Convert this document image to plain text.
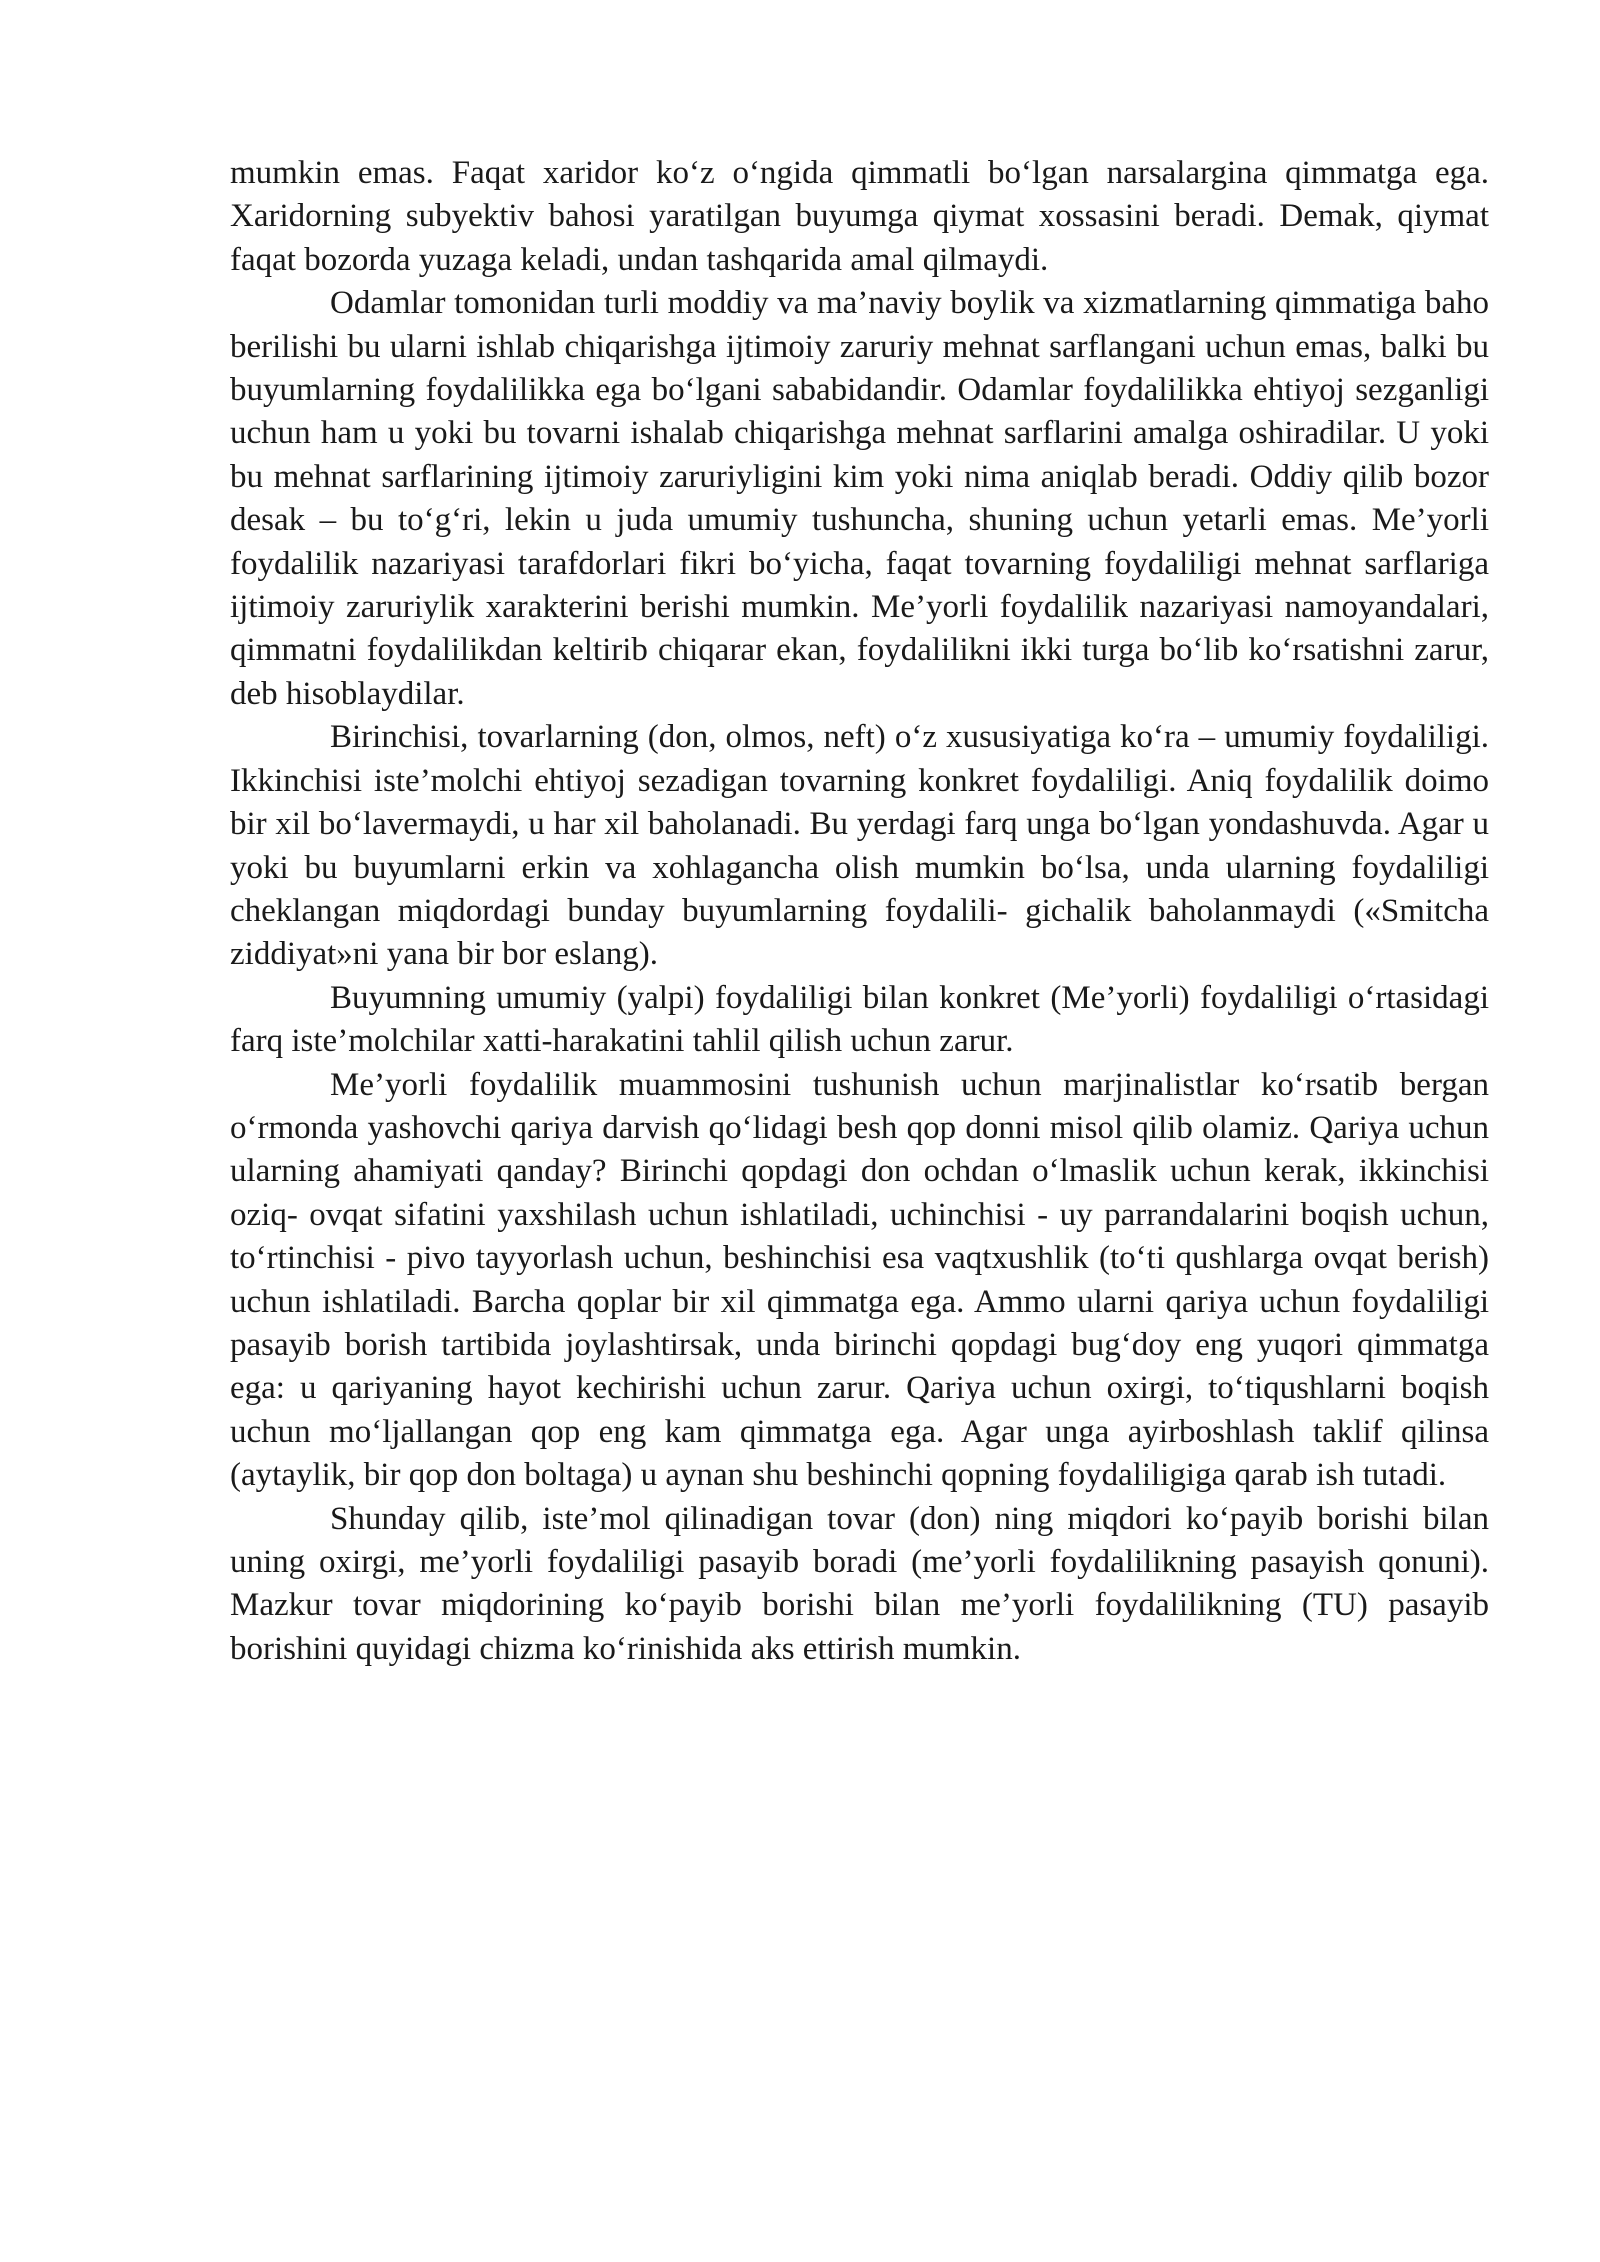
mumkin emas. Faqat xaridor ko‘z o‘ngida qimmatli bo‘lgan narsalargina qimmatga ega. Xaridorning subyektiv bahosi yaratilgan buyumga qiymat xossasini beradi. Demak, qiymat faqat bozorda yuzaga keladi, undan tashqarida amal qilmaydi.

Odamlar tomonidan turli moddiy va ma’naviy boylik va xizmatlarning qimmatiga baho berilishi bu ularni ishlab chiqarishga ijtimoiy zaruriy mehnat sarflangani uchun emas, balki bu buyumlarning foydalilikka ega bo‘lgani sababidandir. Odamlar foydalilikka ehtiyoj sezganligi uchun ham u yoki bu tovarni ishalab chiqarishga mehnat sarflarini amalga oshiradilar. U yoki bu mehnat sarflarining ijtimoiy zaruriyligini kim yoki nima aniqlab beradi. Oddiy qilib bozor desak – bu to‘g‘ri, lekin u juda umumiy tushuncha, shuning uchun yetarli emas. Me’yorli foydalilik nazariyasi tarafdorlari fikri bo‘yicha, faqat tovarning foydaliligi mehnat sarflariga ijtimoiy zaruriylik xarakterini berishi mumkin. Me’yorli foydalilik nazariyasi namoyandalari, qimmatni foydalilikdan keltirib chiqarar ekan, foydalilikni ikki turga bo‘lib ko‘rsatishni zarur, deb hisoblaydilar.

Birinchisi, tovarlarning (don, olmos, neft) o‘z xususiyatiga ko‘ra – umumiy foydaliligi. Ikkinchisi iste’molchi ehtiyoj sezadigan tovarning konkret foydaliligi. Aniq foydalilik doimo bir xil bo‘lavermaydi, u har xil baholanadi. Bu yerdagi farq unga bo‘lgan yondashuvda. Agar u yoki bu buyumlarni erkin va xohlagancha olish mumkin bo‘lsa, unda ularning foydaliligi cheklangan miqdordagi bunday buyumlarning foydalili- gichalik baholanmaydi («Smitcha ziddiyat»ni yana bir bor eslang).

Buyumning umumiy (yalpi) foydaliligi bilan konkret (Me’yorli) foydaliligi o‘rtasidagi farq iste’molchilar xatti-harakatini tahlil qilish uchun zarur.

Me’yorli foydalilik muammosini tushunish uchun marjinalistlar ko‘rsatib bergan o‘rmonda yashovchi qariya darvish qo‘lidagi besh qop donni misol qilib olamiz. Qariya uchun ularning ahamiyati qanday? Birinchi qopdagi don ochdan o‘lmaslik uchun kerak, ikkinchisi oziq- ovqat sifatini yaxshilash uchun ishlatiladi, uchinchisi - uy parrandalarini boqish uchun, to‘rtinchisi - pivo tayyorlash uchun, beshinchisi esa vaqtxushlik (to‘ti qushlarga ovqat berish) uchun ishlatiladi. Barcha qoplar bir xil qimmatga ega. Ammo ularni qariya uchun foydaliligi pasayib borish tartibida joylashtirsak, unda birinchi qopdagi bug‘doy eng yuqori qimmatga ega: u qariyaning hayot kechirishi uchun zarur. Qariya uchun oxirgi, to‘tiqushlarni boqish uchun mo‘ljallangan qop eng kam qimmatga ega. Agar unga ayirboshlash taklif qilinsa (aytaylik, bir qop don boltaga) u aynan shu beshinchi qopning foydaliligiga qarab ish tutadi.

Shunday qilib, iste’mol qilinadigan tovar (don) ning miqdori ko‘payib borishi bilan uning oxirgi, me’yorli foydaliligi pasayib boradi (me’yorli foydalilikning pasayish qonuni). Mazkur tovar miqdorining ko‘payib borishi bilan me’yorli foydalilikning (TU) pasayib borishini quyidagi chizma ko‘rinishida aks ettirish mumkin.
